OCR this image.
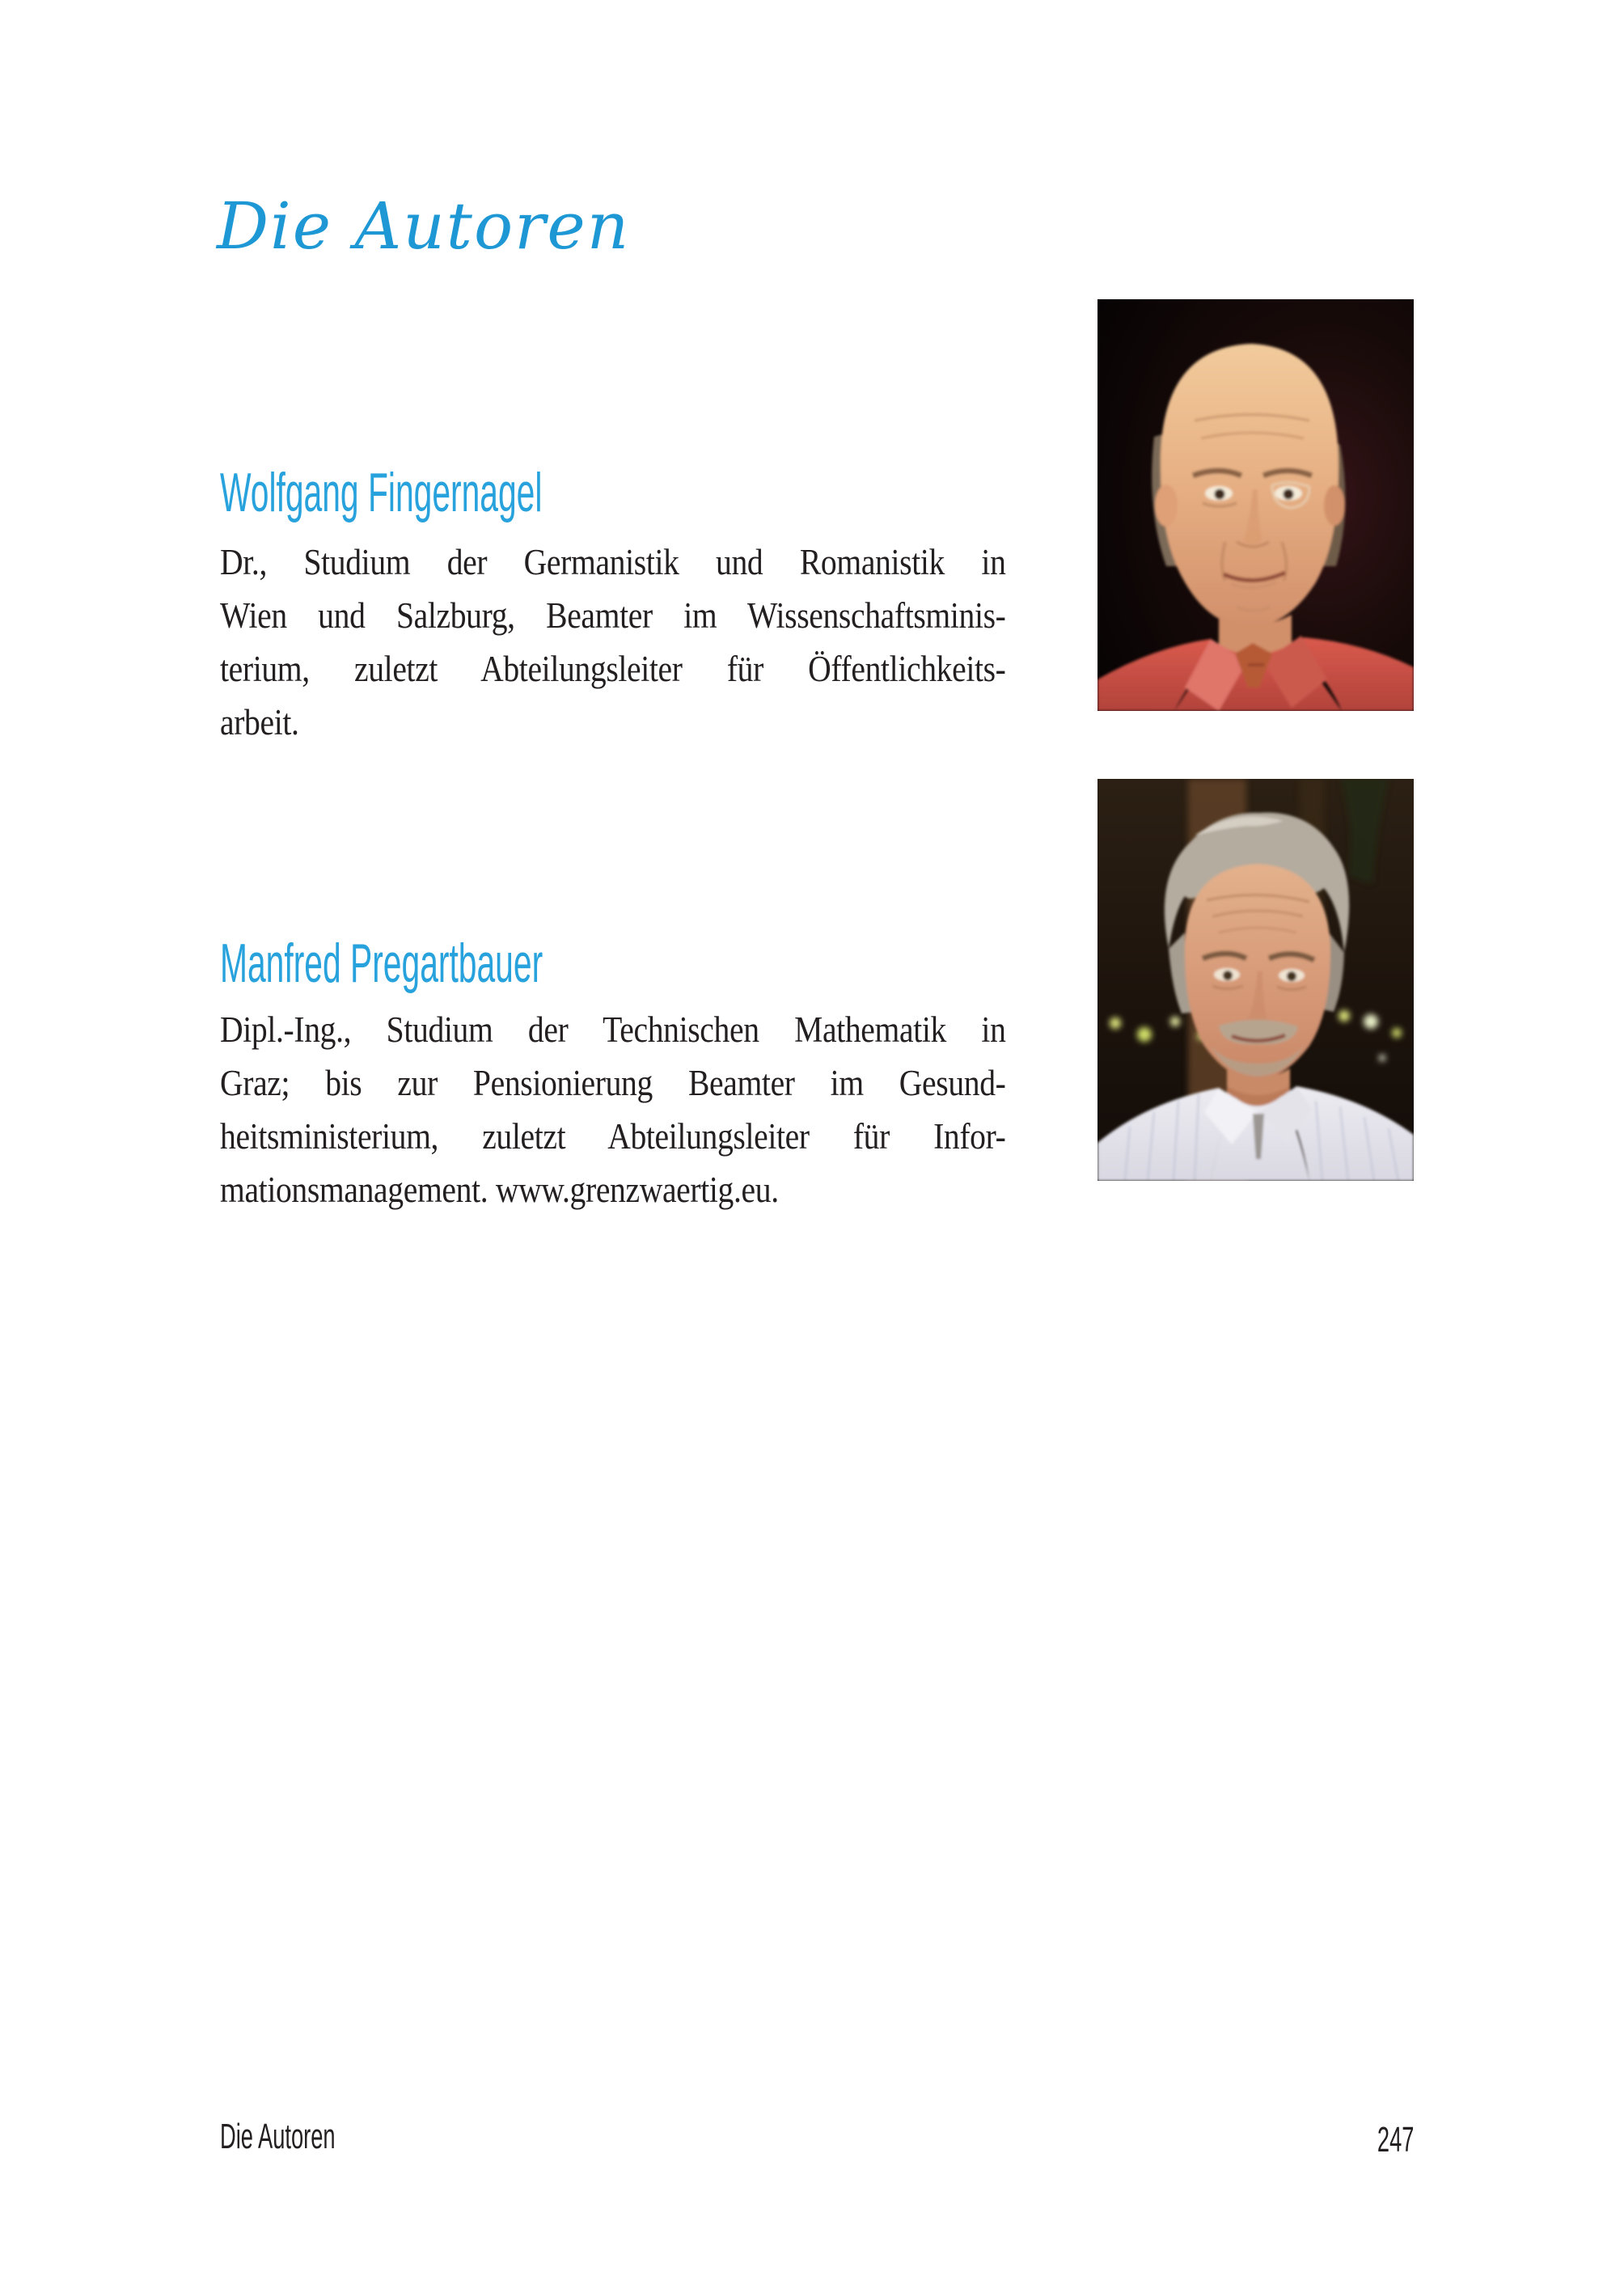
Die Autoren
Wolfgang Fingernagel
Dr., Studium der Germanistik und Romanistik in
Wien und Salzburg, Beamter im Wissenschaftsminis-
terium, zuletzt Abteilungsleiter für Öffentlichkeits-
arbeit.
Manfred Pregartbauer
Dipl.-Ing., Studium der Technischen Mathematik in
Graz; bis zur Pensionierung Beamter im Gesund-
heitsministerium, zuletzt Abteilungsleiter für Infor-
mationsmanagement. www.grenzwaertig.eu.
Die Autoren	247
